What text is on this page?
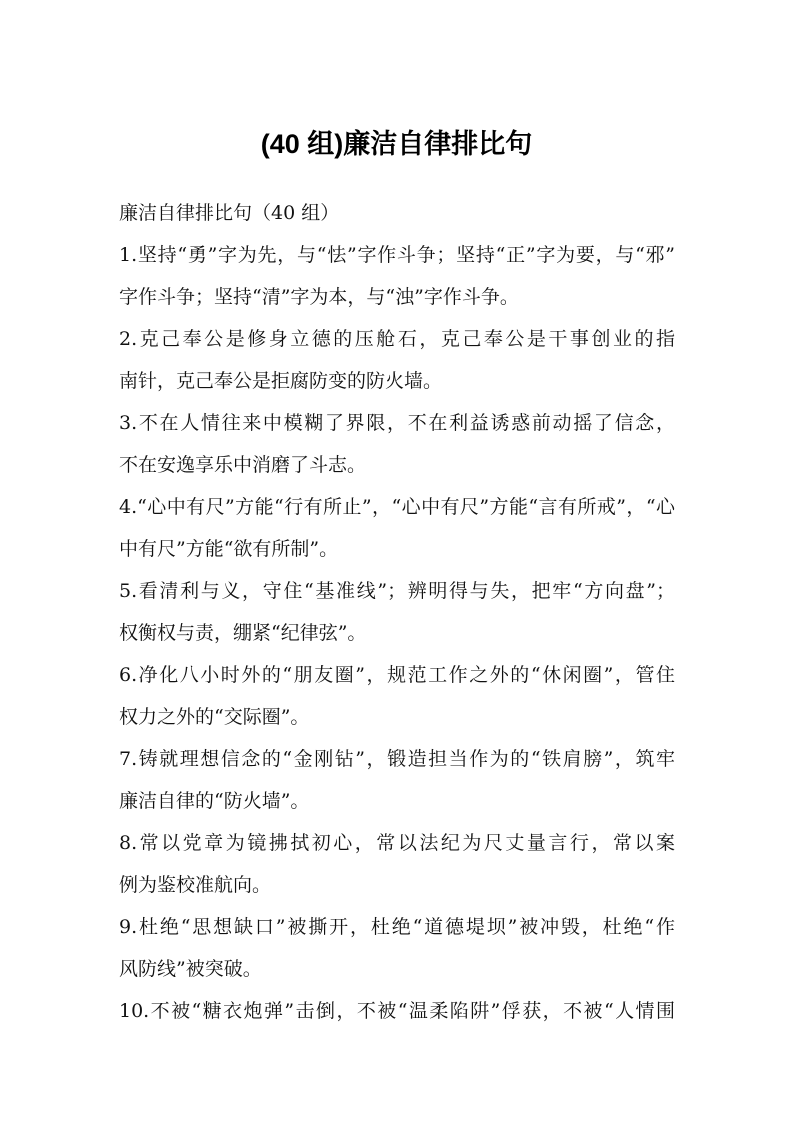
(40 组)廉洁自律排比句
廉洁自律排比句（40 组）
1.坚持“勇”字为先，与“怯”字作斗争；坚持“正”字为要，与“邪”
字作斗争；坚持“清”字为本，与“浊”字作斗争。
2.克己奉公是修身立德的压舱石，克己奉公是干事创业的指
南针，克己奉公是拒腐防变的防火墙。
3.不在人情往来中模糊了界限，不在利益诱惑前动摇了信念，
不在安逸享乐中消磨了斗志。
4.“心中有尺”方能“行有所止”，“心中有尺”方能“言有所戒”，“心
中有尺”方能“欲有所制”。
5.看清利与义，守住“基准线”；辨明得与失，把牢“方向盘”；
权衡权与责，绷紧“纪律弦”。
6.净化八小时外的“朋友圈”，规范工作之外的“休闲圈”，管住
权力之外的“交际圈”。
7.铸就理想信念的“金刚钻”，锻造担当作为的“铁肩膀”，筑牢
廉洁自律的“防火墙”。
8.常以党章为镜拂拭初心，常以法纪为尺丈量言行，常以案
例为鉴校准航向。
9.杜绝“思想缺口”被撕开，杜绝“道德堤坝”被冲毁，杜绝“作
风防线”被突破。
10.不被“糖衣炮弹”击倒，不被“温柔陷阱”俘获，不被“人情围
